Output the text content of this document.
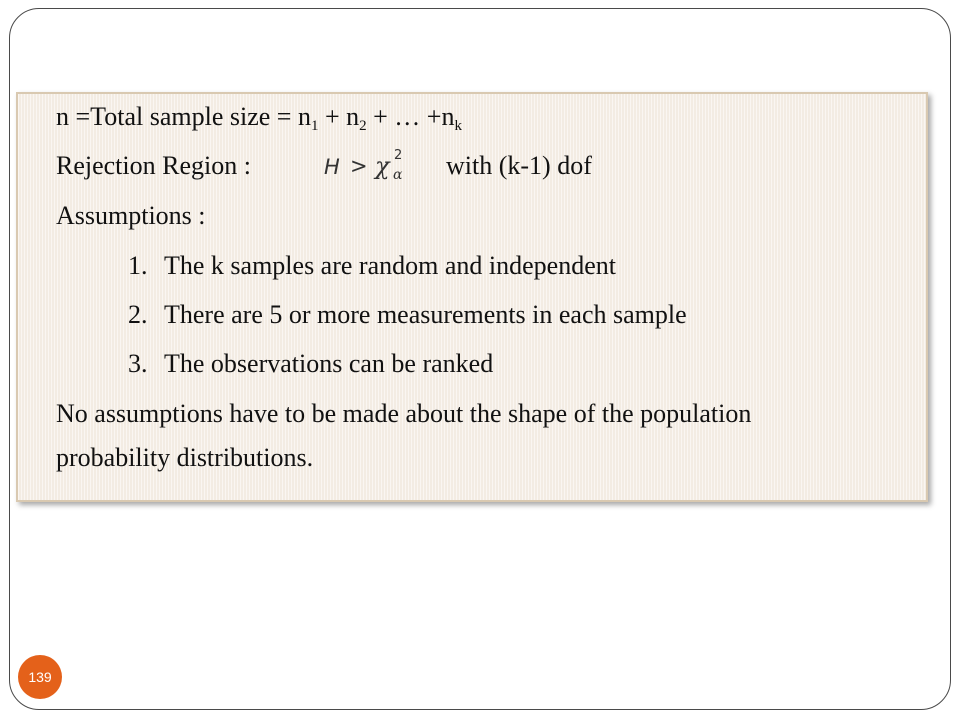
n =Total sample size = $n_1 + n_2$ + … $+n_k$
Rejection Region :	H > χ 2
α with (k-1) dof
Assumptions :
1. The k samples are random and independent
2. There are 5 or more measurements in each sample
3. The observations can be ranked
No assumptions have to be made about the shape of the population
probability distributions.
139
